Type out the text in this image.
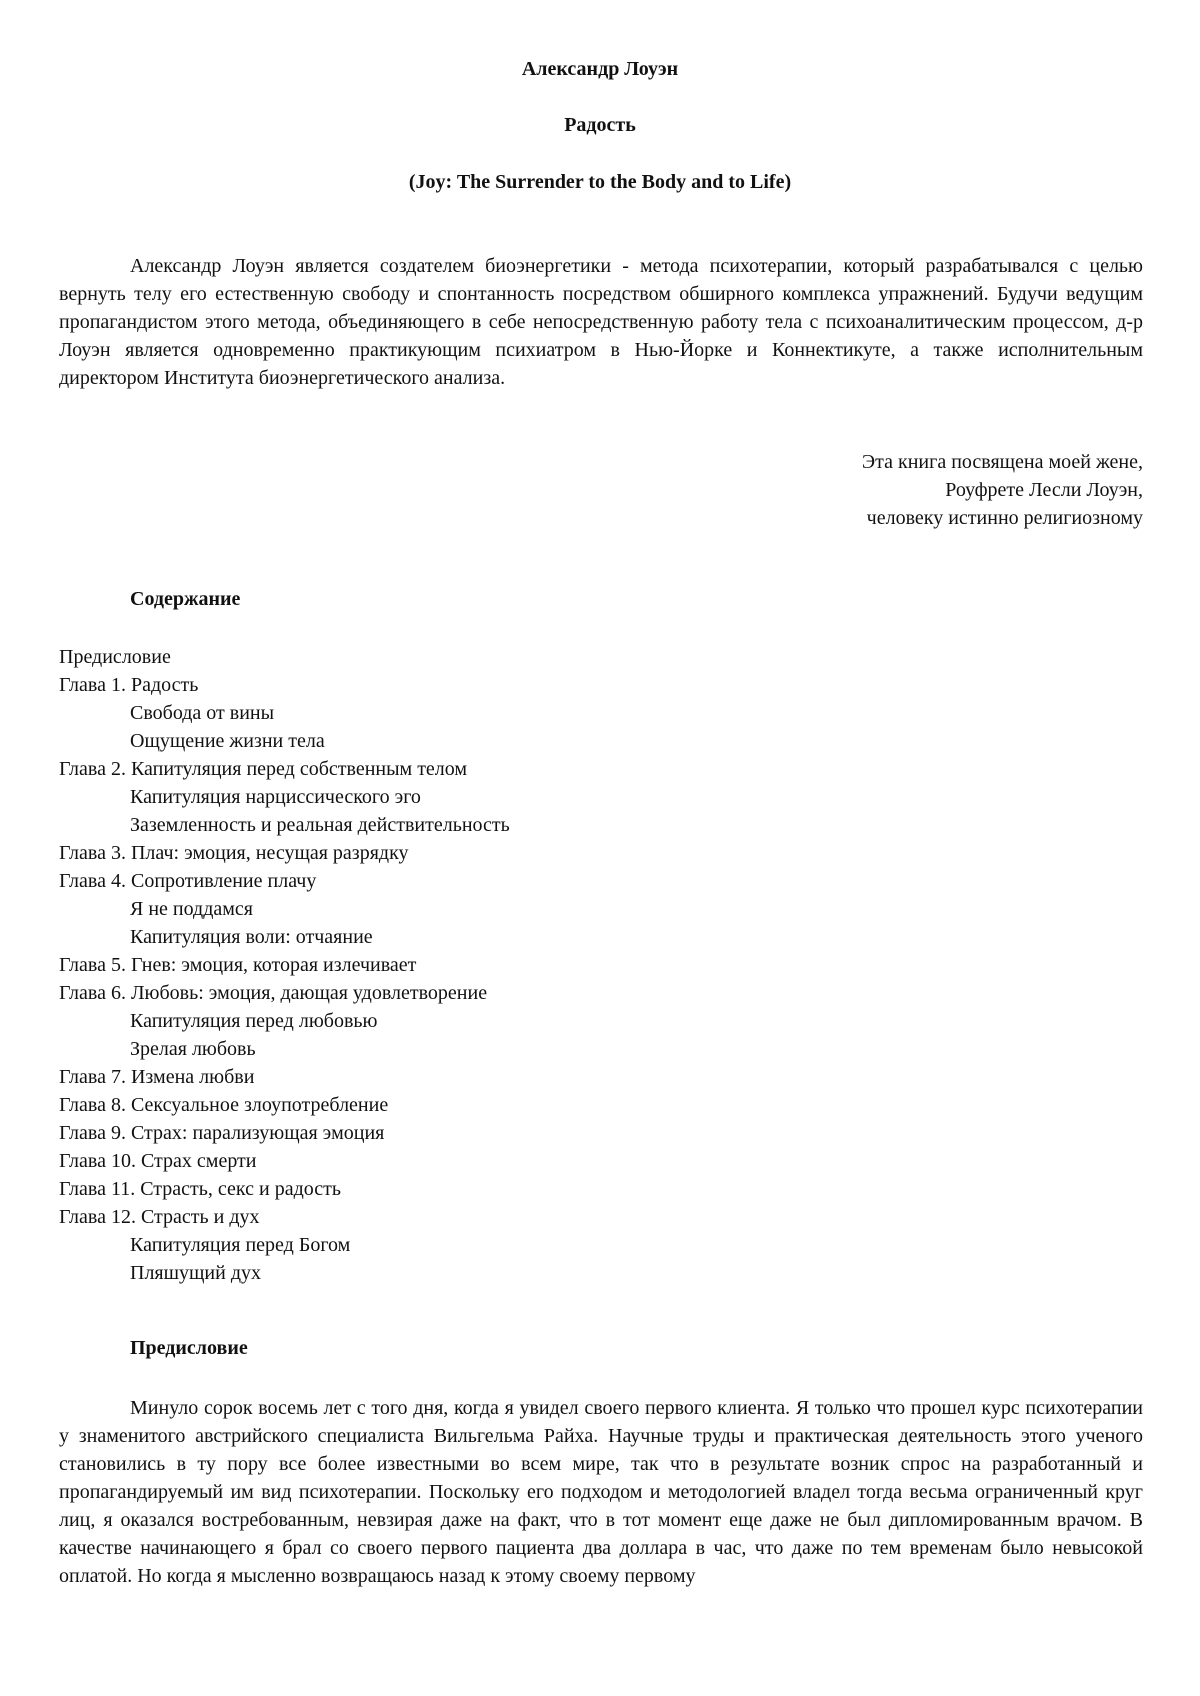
Александр Лоуэн
Радость
(Joy: The Surrender to the Body and to Life)

Александр Лоуэн является создателем биоэнергетики - метода психотерапии, который разрабатывался с целью вернуть телу его естественную свободу и спонтанность посредством обширного комплекса упражнений. Будучи ведущим пропагандистом этого метода, объединяющего в себе непосредственную работу тела с психоаналитическим процессом, д-р Лоуэн является одновременно практикующим психиатром в Нью-Йорке и Коннектикуте, а также исполнительным директором Института биоэнергетического анализа.

Эта книга посвящена моей жене,
Роуфрете Лесли Лоуэн,
человеку истинно религиозному
Содержание
Предисловие
Глава 1. Радость
Свобода от вины
Ощущение жизни тела
Глава 2. Капитуляция перед собственным телом
Капитуляция нарциссического эго
Заземленность и реальная действительность
Глава 3. Плач: эмоция, несущая разрядку
Глава 4. Сопротивление плачу
Я не поддамся
Капитуляция воли: отчаяние
Глава 5. Гнев: эмоция, которая излечивает
Глава 6. Любовь: эмоция, дающая удовлетворение
Капитуляция перед любовью
Зрелая любовь
Глава 7. Измена любви
Глава 8. Сексуальное злоупотребление
Глава 9. Страх: парализующая эмоция
Глава 10. Страх смерти
Глава 11. Страсть, секс и радость
Глава 12. Страсть и дух
Капитуляция перед Богом
Пляшущий дух
Предисловие

Минуло сорок восемь лет с того дня, когда я увидел своего первого клиента. Я только что прошел курс психотерапии у знаменитого австрийского специалиста Вильгельма Райха. Научные труды и практическая деятельность этого ученого становились в ту пору все более известными во всем мире, так что в результате возник спрос на разработанный и пропагандируемый им вид психотерапии. Поскольку его подходом и методологией владел тогда весьма ограниченный круг лиц, я оказался востребованным, невзирая даже на факт, что в тот момент еще даже не был дипломированным врачом. В качестве начинающего я брал со своего первого пациента два доллара в час, что даже по тем временам было невысокой оплатой. Но когда я мысленно возвращаюсь назад к этому своему первому
